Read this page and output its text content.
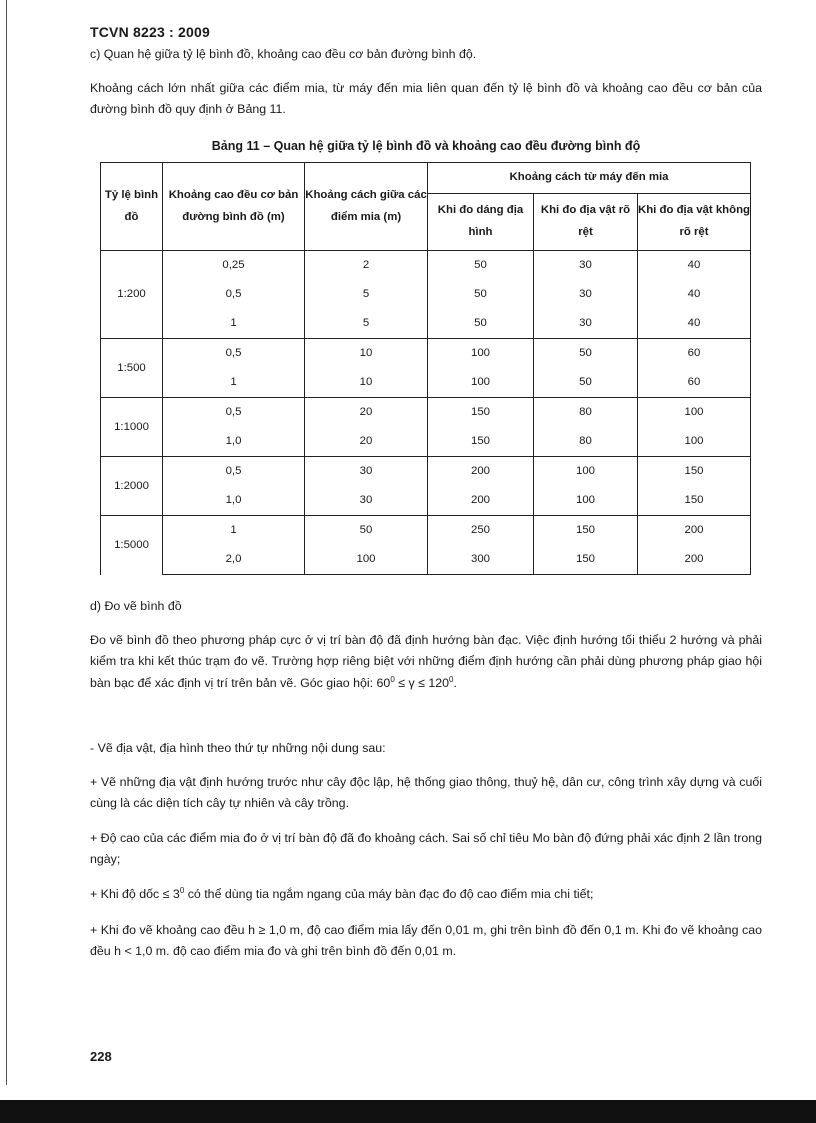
TCVN 8223 : 2009

c) Quan hệ giữa tỷ lệ bình đồ, khoảng cao đều cơ bản đường bình độ.

Khoảng cách lớn nhất giữa các điểm mia, từ máy đến mia liên quan đến tỷ lệ bình đồ và khoảng cao đều cơ bản của đường bình đồ quy định ở Bảng 11.

Bảng 11 – Quan hệ giữa tỷ lệ bình đồ và khoảng cao đều đường bình độ
Tỷ lệ bình đồ	Khoảng cao đều cơ bản đường bình đồ (m)	Khoảng cách giữa các điểm mia (m)	Khoảng cách từ máy đến mia		
			Khi đo dáng địa hình	Khi đo địa vật rõ rệt	Khi đo địa vật không rõ rệt
1:200	0,25	2	50	30	40
	0,5	5	50	30	40
	1	5	50	30	40
1:500	0,5	10	100	50	60
	1	10	100	50	60
1:1000	0,5	20	150	80	100
	1,0	20	150	80	100
1:2000	0,5	30	200	100	150
	1,0	30	200	100	150
1:5000	1	50	250	150	200
	2,0	100	300	150	200

d) Đo vẽ bình đồ

Đo vẽ bình đồ theo phương pháp cực ở vị trí bàn độ đã định hướng bàn đạc. Việc định hướng tối thiểu 2 hướng và phải kiểm tra khi kết thúc trạm đo vẽ. Trường hợp riêng biệt với những điểm định hướng cần phải dùng phương pháp giao hội bàn bạc để xác định vị trí trên bản vẽ. Góc giao hội: $60^0 \le \gamma \le 120^0$.

- Vẽ địa vật, địa hình theo thứ tự những nội dung sau:

+ Vẽ những địa vật định hướng trước như cây độc lập, hệ thống giao thông, thuỷ hệ, dân cư, công trình xây dựng và cuối cùng là các diện tích cây tự nhiên và cây trồng.

+ Độ cao của các điểm mia đo ở vị trí bàn độ đã đo khoảng cách. Sai số chỉ tiêu Mo bàn độ đứng phải xác định 2 lần trong ngày;

+ Khi độ dốc ≤ $3^0$ có thể dùng tia ngắm ngang của máy bàn đạc đo độ cao điểm mia chi tiết;

+ Khi đo vẽ khoảng cao đều h ≥ 1,0 m, độ cao điểm mia lấy đến 0,01 m, ghi trên bình đồ đến 0,1 m. Khi đo vẽ khoảng cao đều h < 1,0 m. độ cao điểm mia đo và ghi trên bình đồ đến 0,01 m.

228
